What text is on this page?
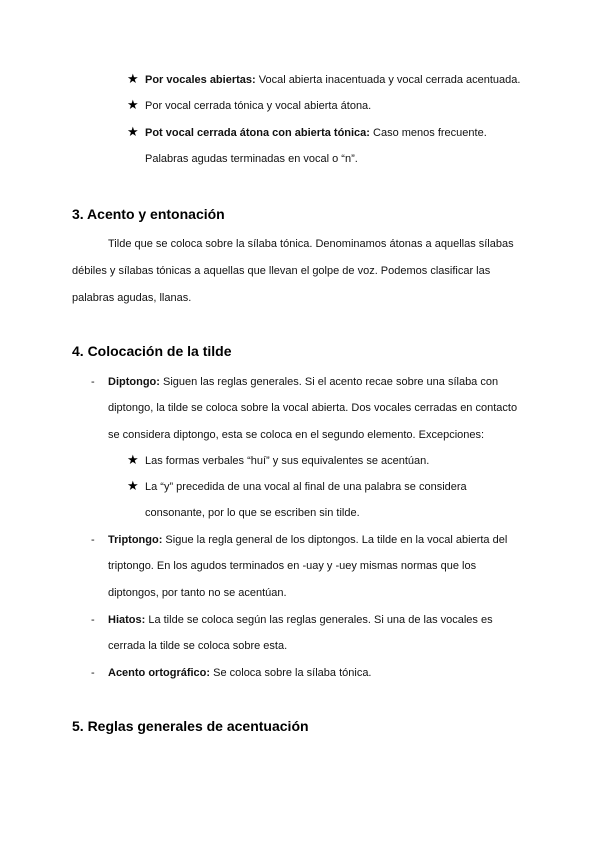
★ Por vocales abiertas: Vocal abierta inacentuada y vocal cerrada acentuada.
★ Por vocal cerrada tónica y vocal abierta átona.
★ Pot vocal cerrada átona con abierta tónica: Caso menos frecuente.
Palabras agudas terminadas en vocal o “n”.
3. Acento y entonación
Tilde que se coloca sobre la sílaba tónica. Denominamos átonas a aquellas sílabas
débiles y sílabas tónicas a aquellas que llevan el golpe de voz. Podemos clasificar las
palabras agudas, llanas.
4. Colocación de la tilde
- Diptongo: Siguen las reglas generales. Si el acento recae sobre una sílaba con
diptongo, la tilde se coloca sobre la vocal abierta. Dos vocales cerradas en contacto
se considera diptongo, esta se coloca en el segundo elemento. Excepciones:
★ Las formas verbales “huí” y sus equivalentes se acentúan.
★ La “y” precedida de una vocal al final de una palabra se considera
consonante, por lo que se escriben sin tilde.
- Triptongo: Sigue la regla general de los diptongos. La tilde en la vocal abierta del
triptongo. En los agudos terminados en -uay y -uey mismas normas que los
diptongos, por tanto no se acentúan.
- Hiatos: La tilde se coloca según las reglas generales. Si una de las vocales es
cerrada la tilde se coloca sobre esta.
- Acento ortográfico: Se coloca sobre la sílaba tónica.
5. Reglas generales de acentuación
